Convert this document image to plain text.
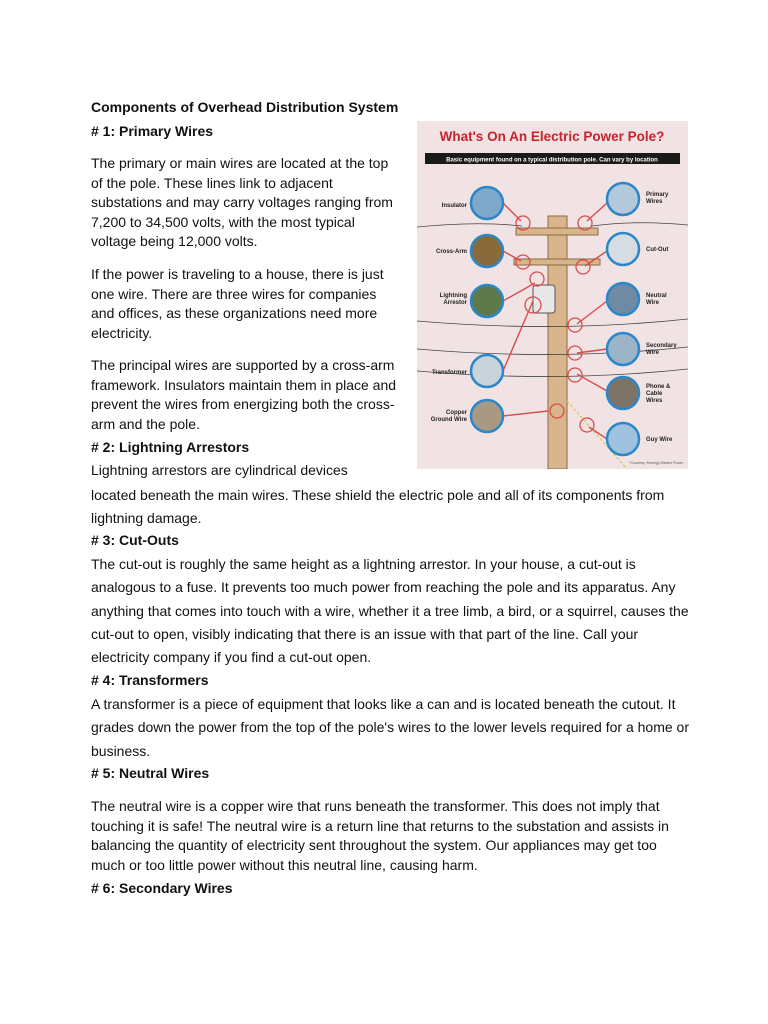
Components of Overhead Distribution System
# 1: Primary Wires

The primary or main wires are located at the top of the pole. These lines link to adjacent substations and may carry voltages ranging from 7,200 to 34,500 volts, with the most typical voltage being 12,000 volts.

If the power is traveling to a house, there is just one wire. There are three wires for companies and offices, as these organizations need more electricity.

The principal wires are supported by a cross-arm framework. Insulators maintain them in place and prevent the wires from energizing both the cross-arm and the pole.

# 2: Lightning Arrestors

Lightning arrestors are cylindrical devices

located beneath the main wires. These shield the electric pole and all of its components from lightning damage.

# 3: Cut-Outs

The cut-out is roughly the same height as a lightning arrestor. In your house, a cut-out is analogous to a fuse. It prevents too much power from reaching the pole and its apparatus. Any anything that comes into touch with a wire, whether it a tree limb, a bird, or a squirrel, causes the cut-out to open, visibly indicating that there is an issue with that part of the line. Call your electricity company if you find a cut-out open.

# 4: Transformers

A transformer is a piece of equipment that looks like a can and is located beneath the cutout. It grades down the power from the top of the pole's wires to the lower levels required for a home or business.

# 5: Neutral Wires

The neutral wire is a copper wire that runs beneath the transformer. This does not imply that touching it is safe! The neutral wire is a return line that returns to the substation and assists in balancing the quantity of electricity sent throughout the system. Our appliances may get too much or too little power without this neutral line, causing harm.

# 6: Secondary Wires
What's On An Electric Power Pole?
Basic equipment found on a typical distribution pole. Can vary by location
Insulator
Cross-Arm
Lightning
Arrestor
Transformer
Copper
Ground Wire
Primary
Wires
Cut-Out
Neutral
Wire
Secondary
Wire
Phone &
Cable
Wires
Guy Wire
* Courtesy: Kenergy Electric Power
